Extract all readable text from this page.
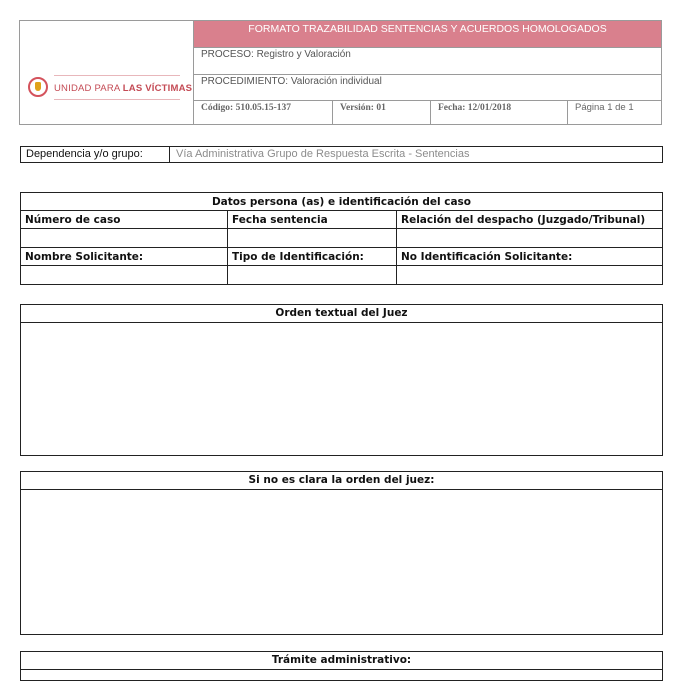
UNIDAD PARA LAS VÍCTIMAS
FORMATO TRAZABILIDAD SENTENCIAS Y ACUERDOS HOMOLOGADOS
PROCESO: Registro y Valoración
PROCEDIMIENTO: Valoración individual
Código: 510.05.15-137	Versión: 01	Fecha: 12/01/2018	Página 1 de 1
Dependencia y/o grupo:	Vía Administrativa Grupo de Respuesta Escrita - Sentencias
Datos persona (as) e identificación del caso		
Número de caso	Fecha sentencia	Relación del despacho (Juzgado/Tribunal)

Nombre Solicitante:	Tipo de Identificación:	No Identificación Solicitante:

Orden textual del Juez
Si no es clara la orden del juez:
Trámite administrativo:
